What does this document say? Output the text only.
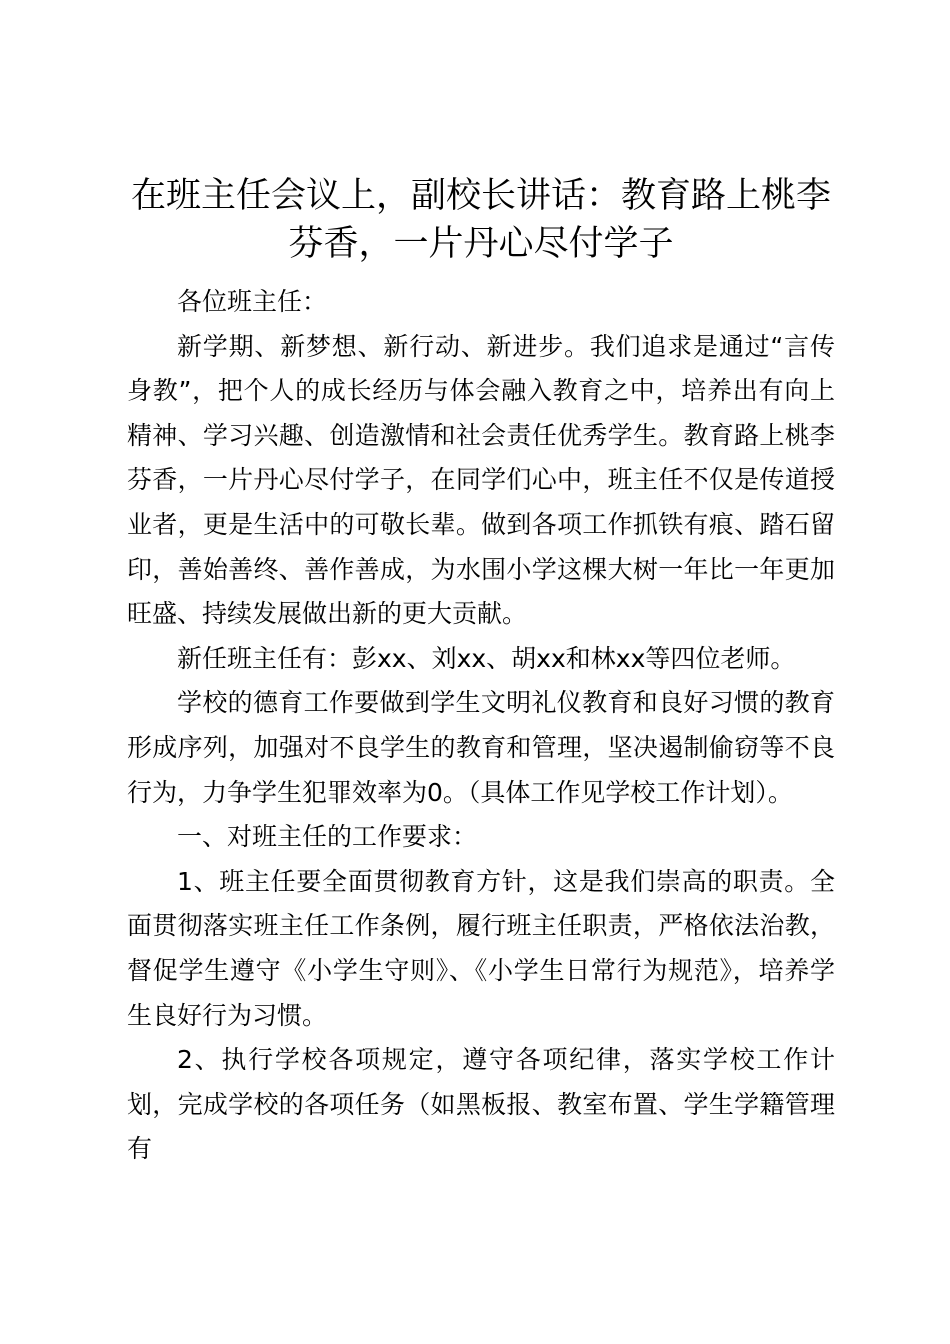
在班主任会议上，副校长讲话：教育路上桃李
芬香，一片丹心尽付学子

各位班主任：

新学期、新梦想、新行动、新进步。我们追求是通过“言传身教”，把个人的成长经历与体会融入教育之中，培养出有向上精神、学习兴趣、创造激情和社会责任优秀学生。教育路上桃李芬香，一片丹心尽付学子，在同学们心中，班主任不仅是传道授业者，更是生活中的可敬长辈。做到各项工作抓铁有痕、踏石留印，善始善终、善作善成，为水围小学这棵大树一年比一年更加旺盛、持续发展做出新的更大贡献。

新任班主任有：彭xx、刘xx、胡xx和林xx等四位老师。

学校的德育工作要做到学生文明礼仪教育和良好习惯的教育形成序列，加强对不良学生的教育和管理，坚决遏制偷窃等不良行为，力争学生犯罪效率为0。（具体工作见学校工作计划）。

一、对班主任的工作要求：

1、班主任要全面贯彻教育方针，这是我们崇高的职责。全面贯彻落实班主任工作条例，履行班主任职责，严格依法治教，督促学生遵守《小学生守则》、《小学生日常行为规范》，培养学生良好行为习惯。

2、执行学校各项规定，遵守各项纪律，落实学校工作计划，完成学校的各项任务（如黑板报、教室布置、学生学籍管理有
